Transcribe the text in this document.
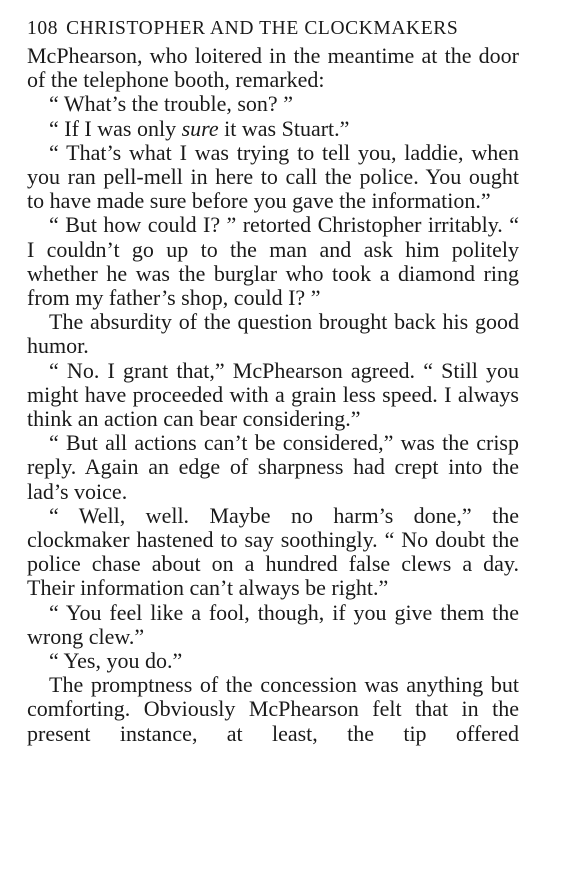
108 CHRISTOPHER AND THE CLOCKMAKERS

McPhearson, who loitered in the meantime at the door of the telephone booth, remarked:

“ What’s the trouble, son? ”

“ If I was only sure it was Stuart.”

“ That’s what I was trying to tell you, laddie, when you ran pell-mell in here to call the police. You ought to have made sure before you gave the information.”

“ But how could I? ” retorted Christopher irritably. “ I couldn’t go up to the man and ask him politely whether he was the burglar who took a diamond ring from my father’s shop, could I? ”

The absurdity of the question brought back his good humor.

“ No. I grant that,” McPhearson agreed. “ Still you might have proceeded with a grain less speed. I always think an action can bear considering.”

“ But all actions can’t be considered,” was the crisp reply. Again an edge of sharpness had crept into the lad’s voice.

“ Well, well. Maybe no harm’s done,” the clockmaker hastened to say soothingly. “ No doubt the police chase about on a hundred false clews a day. Their information can’t always be right.”

“ You feel like a fool, though, if you give them the wrong clew.”

“ Yes, you do.”

The promptness of the concession was anything but comforting. Obviously McPhearson felt that in the present instance, at least, the tip offered
